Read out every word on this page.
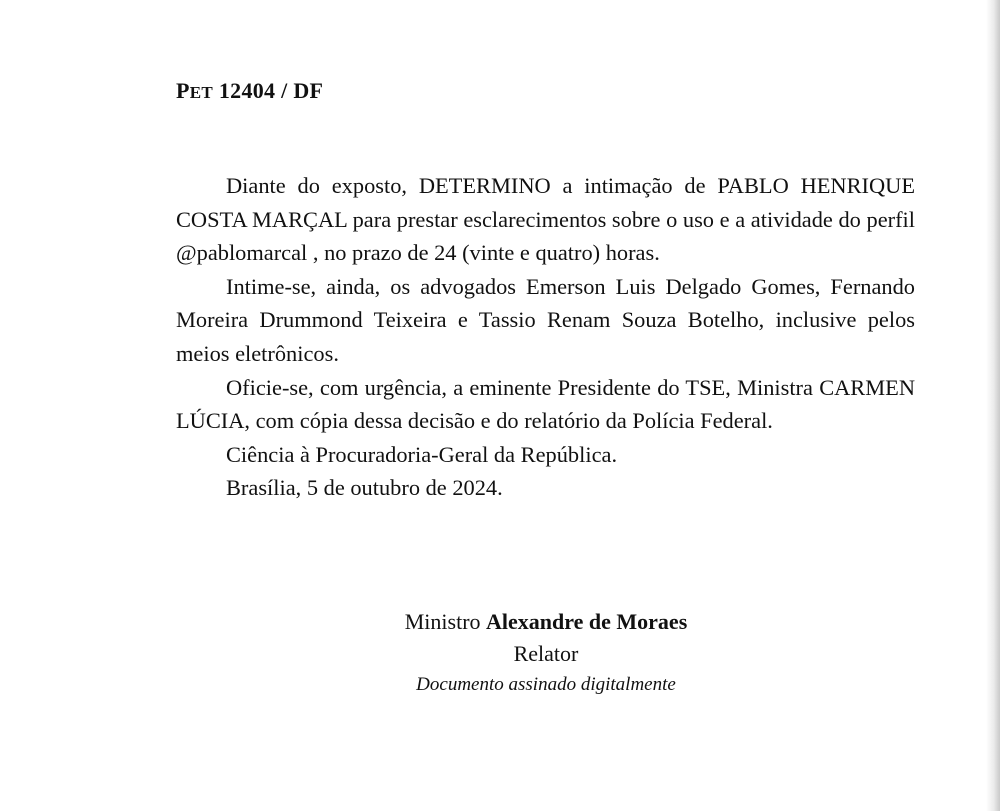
PET 12404 / DF

Diante do exposto, DETERMINO a intimação de PABLO HENRIQUE COSTA MARÇAL para prestar esclarecimentos sobre o uso e a atividade do perfil @pablomarcal , no prazo de 24 (vinte e quatro) horas.

Intime-se, ainda, os advogados Emerson Luis Delgado Gomes, Fernando Moreira Drummond Teixeira e Tassio Renam Souza Botelho, inclusive pelos meios eletrônicos.

Oficie-se, com urgência, a eminente Presidente do TSE, Ministra CARMEN LÚCIA, com cópia dessa decisão e do relatório da Polícia Federal.

Ciência à Procuradoria-Geral da República.

Brasília, 5 de outubro de 2024.

Ministro Alexandre de Moraes
Relator
Documento assinado digitalmente
